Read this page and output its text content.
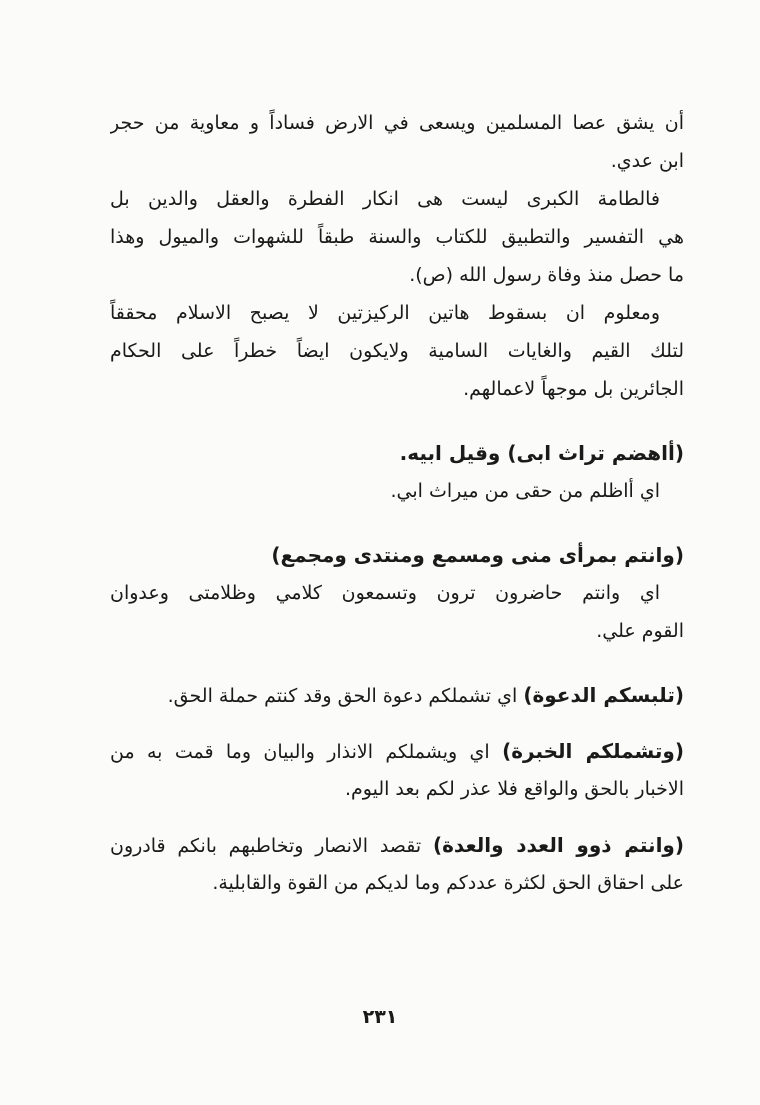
أن يشق عصا المسلمين ويسعى في الارض فساداً و معاوية من حجر
ابن عدي.
فالطامة الكبرى ليست هى انكار الفطرة والعقل والدين بل
هي التفسير والتطبيق للكتاب والسنة طبقاً للشهوات والميول وهذا
ما حصل منذ وفاة رسول الله (ص).
ومعلوم ان بسقوط هاتين الركيزتين لا يصبح الاسلام محققاً
لتلك القيم والغايات السامية ولايكون ايضاً خطراً على الحكام
الجائرين بل موجهاً لاعمالهم.
(أاهضم تراث ابى) وقيل ابيه.
اي أاظلم من حقى من ميراث ابي.
(وانتم بمرأى منى ومسمع ومنتدى ومجمع)
اي وانتم حاضرون ترون وتسمعون كلامي وظلامتى وعدوان
القوم علي.
(تلبسكم الدعوة) اي تشملكم دعوة الحق وقد كنتم حملة الحق.
(وتشملكم الخبرة) اي ويشملكم الانذار والبيان وما قمت به من
الاخبار بالحق والواقع فلا عذر لكم بعد اليوم.
(وانتم ذوو العدد والعدة) تقصد الانصار وتخاطبهم بانكم قادرون
على احقاق الحق لكثرة عددكم وما لديكم من القوة والقابلية.
٢٣١
